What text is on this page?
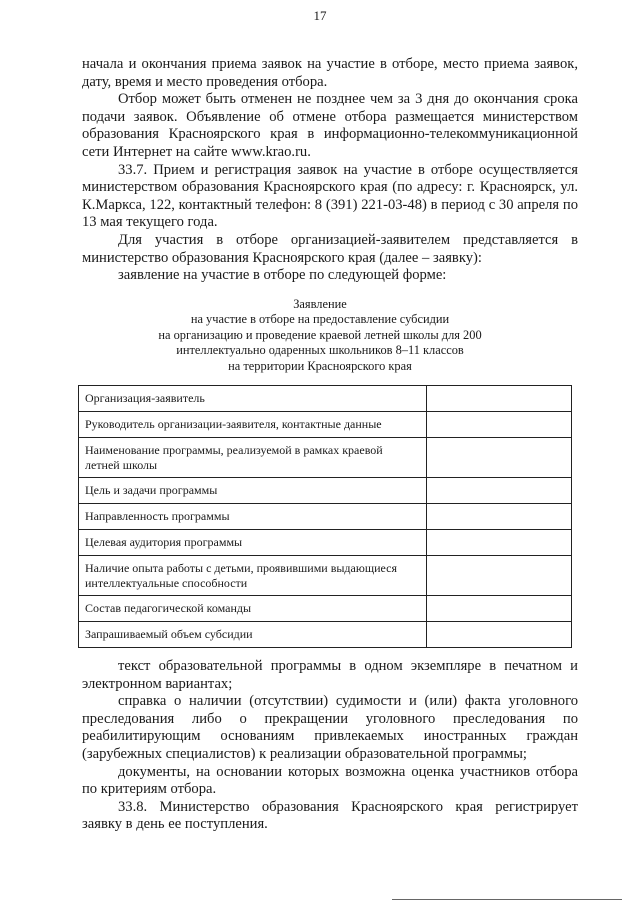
17

начала и окончания приема заявок на участие в отборе, место приема заявок, дату, время и место проведения отбора.

Отбор может быть отменен не позднее чем за 3 дня до окончания срока подачи заявок. Объявление об отмене отбора размещается министерством образования Красноярского края в информационно-телекоммуникационной сети Интернет на сайте www.krao.ru.

33.7. Прием и регистрация заявок на участие в отборе осуществляется министерством образования Красноярского края (по адресу: г. Красноярск, ул. К.Маркса, 122, контактный телефон: 8 (391) 221-03-48) в период с 30 апреля по 13 мая текущего года.

Для участия в отборе организацией-заявителем представляется в министерство образования Красноярского края (далее – заявку):

заявление на участие в отборе по следующей форме:

Заявление
на участие в отборе на предоставление субсидии
на организацию и проведение краевой летней школы для 200
интеллектуально одаренных школьников 8–11 классов
на территории Красноярского края
Организация-заявитель	
Руководитель организации-заявителя, контактные данные	
Наименование программы, реализуемой в рамках краевой летней школы	
Цель и задачи программы	
Направленность программы	
Целевая аудитория программы	
Наличие опыта работы с детьми, проявившими выдающиеся интеллектуальные способности	
Состав педагогической команды	
Запрашиваемый объем субсидии	

текст образовательной программы в одном экземпляре в печатном и электронном вариантах;

справка о наличии (отсутствии) судимости и (или) факта уголовного преследования либо о прекращении уголовного преследования по реабилитирующим основаниям привлекаемых иностранных граждан (зарубежных специалистов) к реализации образовательной программы;

документы, на основании которых возможна оценка участников отбора по критериям отбора.

33.8. Министерство образования Красноярского края регистрирует заявку в день ее поступления.
